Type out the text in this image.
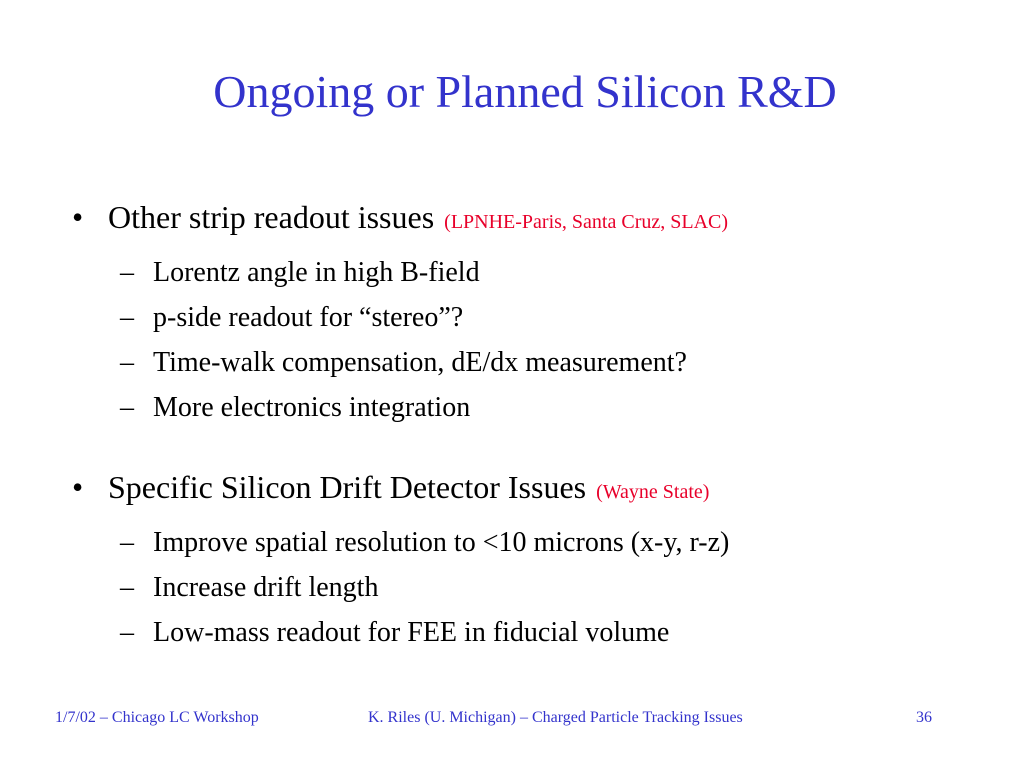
Ongoing or Planned Silicon R&D
• Other strip readout issues (LPNHE-Paris, Santa Cruz, SLAC)
– Lorentz angle in high B-field
– p-side readout for “stereo”?
– Time-walk compensation, dE/dx measurement?
– More electronics integration
• Specific Silicon Drift Detector Issues (Wayne State)
– Improve spatial resolution to <10 microns (x-y, r-z)
– Increase drift length
– Low-mass readout for FEE in fiducial volume
1/7/02 – Chicago LC Workshop	K. Riles (U. Michigan) – Charged Particle Tracking Issues	36
